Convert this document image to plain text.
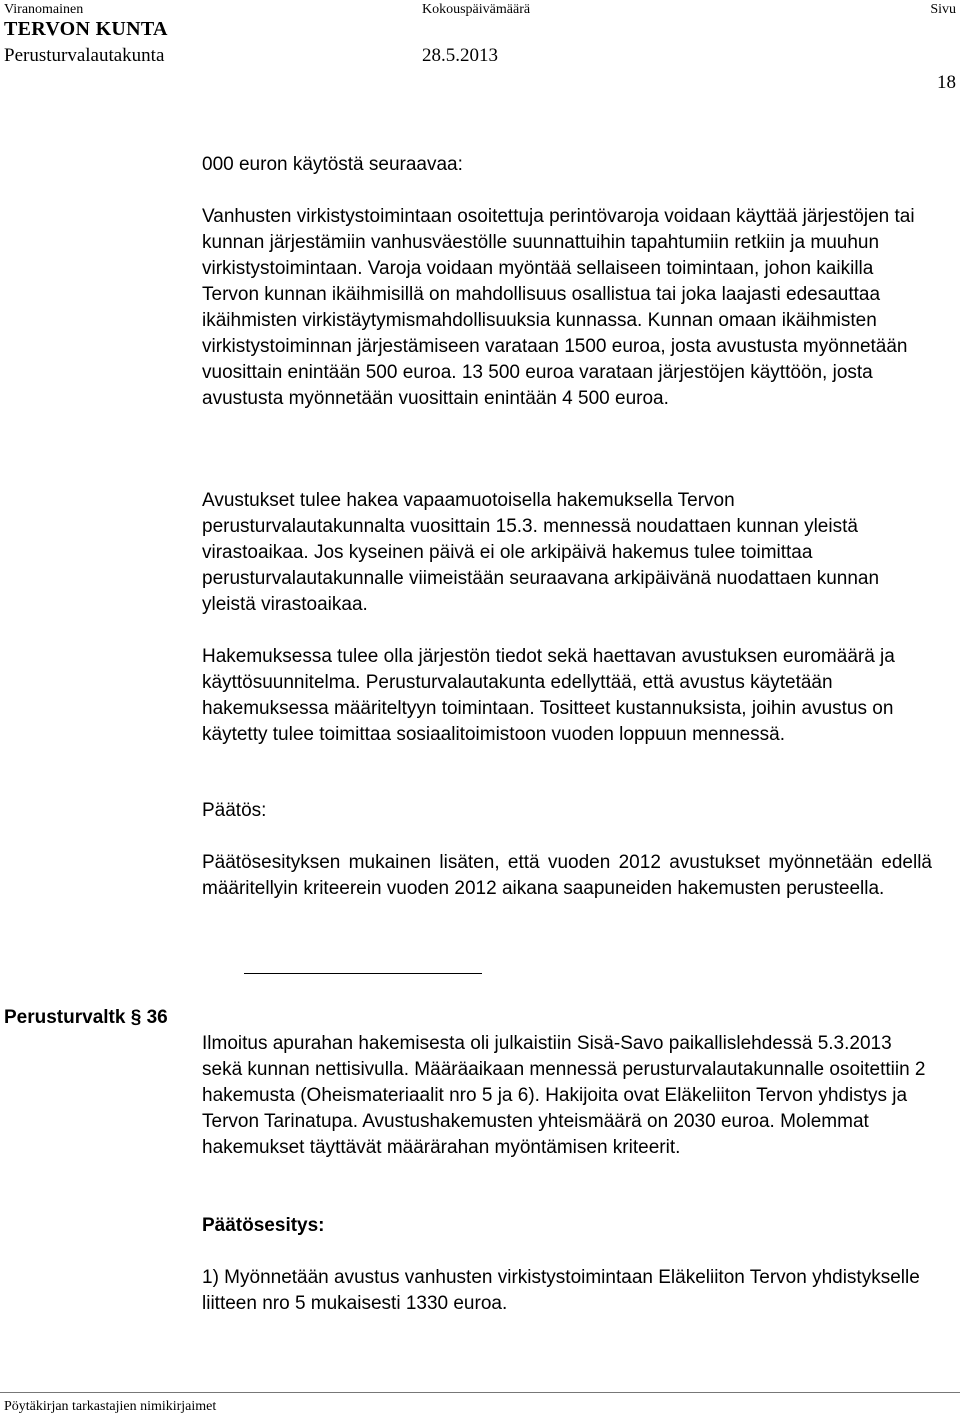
Viranomainen	Kokouspäivämäärä	Sivu
TERVON KUNTA
Perusturvalautakunta	28.5.2013
18

000 euron käytöstä seuraavaa:

Vanhusten virkistystoimintaan osoitettuja perintövaroja voidaan käyttää järjestöjen tai kunnan järjestämiin vanhusväestölle suunnattuihin tapahtumiin retkiin ja muuhun virkistystoimintaan. Varoja voidaan myöntää sellaiseen toimintaan, johon kaikilla Tervon kunnan ikäihmisillä on mahdollisuus osallistua tai joka laajasti edesauttaa ikäihmisten virkistäytymismahdollisuuksia kunnassa. Kunnan omaan ikäihmisten virkistystoiminnan järjestämiseen varataan 1500 euroa, josta avustusta myönnetään vuosittain enintään 500 euroa. 13 500 euroa varataan järjestöjen käyttöön, josta avustusta myönnetään vuosittain enintään 4 500 euroa.

Avustukset tulee hakea vapaamuotoisella hakemuksella Tervon perusturvalautakunnalta vuosittain 15.3. mennessä noudattaen kunnan yleistä virastoaikaa. Jos kyseinen päivä ei ole arkipäivä hakemus tulee toimittaa perusturvalautakunnalle viimeistään seuraavana arkipäivänä nuodattaen kunnan yleistä virastoaikaa.

Hakemuksessa tulee olla järjestön tiedot sekä haettavan avustuksen euromäärä ja käyttösuunnitelma. Perusturvalautakunta edellyttää, että avustus käytetään hakemuksessa määriteltyyn toimintaan. Tositteet kustannuksista, joihin avustus on käytetty tulee toimittaa sosiaalitoimistoon vuoden loppuun mennessä.

Päätös:

Päätösesityksen mukainen lisäten, että vuoden 2012 avustukset myönnetään edellä määritellyin kriteerein vuoden 2012 aikana saapuneiden hakemusten perusteella.

Perusturvaltk § 36

Ilmoitus apurahan hakemisesta oli julkaistiin Sisä-Savo paikallislehdessä 5.3.2013 sekä kunnan nettisivulla. Määräaikaan mennessä perusturvalautakunnalle osoitettiin 2 hakemusta (Oheismateriaalit nro 5 ja 6). Hakijoita ovat Eläkeliiton Tervon yhdistys ja Tervon Tarinatupa. Avustushakemusten yhteismäärä on 2030 euroa. Molemmat hakemukset täyttävät määrärahan myöntämisen kriteerit.

Päätösesitys:

1) Myönnetään avustus vanhusten virkistystoimintaan Eläkeliiton Tervon yhdistykselle liitteen nro 5 mukaisesti 1330 euroa.

Pöytäkirjan tarkastajien nimikirjaimet
